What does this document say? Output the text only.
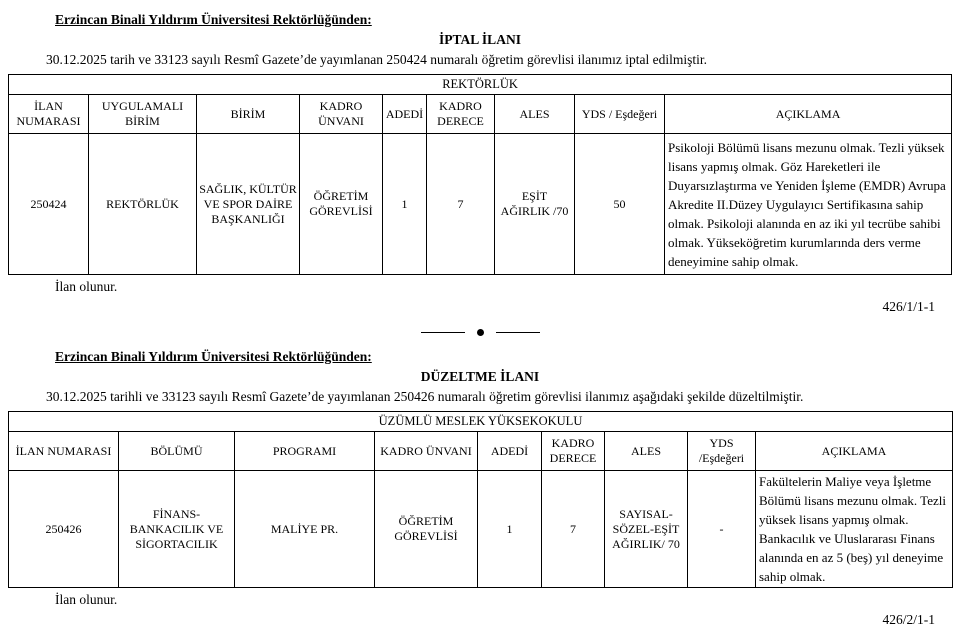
Erzincan Binali Yıldırım Üniversitesi Rektörlüğünden:
İPTAL İLANI
30.12.2025 tarih ve 33123 sayılı Resmî Gazete’de yayımlanan 250424 numaralı öğretim görevlisi ilanımız iptal edilmiştir.
REKTÖRLÜK								
İLAN NUMARASI	UYGULAMALI BİRİM	BİRİM	KADRO ÜNVANI	ADEDİ	KADRO DERECE	ALES	YDS / Eşdeğeri	AÇIKLAMA
250424	REKTÖRLÜK	SAĞLIK, KÜLTÜR VE SPOR DAİRE BAŞKANLIĞI	ÖĞRETİM GÖREVLİSİ	1	7	EŞİT AĞIRLIK /70	50	Psikoloji Bölümü lisans mezunu olmak. Tezli yüksek lisans yapmış olmak. Göz Hareketleri ile Duyarsızlaştırma ve Yeniden İşleme (EMDR) Avrupa Akredite II.Düzey Uygulayıcı Sertifikasına sahip olmak. Psikoloji alanında en az iki yıl tecrübe sahibi olmak. Yükseköğretim kurumlarında ders verme deneyimine sahip olmak.
İlan olunur.
426/1/1-1
Erzincan Binali Yıldırım Üniversitesi Rektörlüğünden:
DÜZELTME İLANI
30.12.2025 tarihli ve 33123 sayılı Resmî Gazete’de yayımlanan 250426 numaralı öğretim görevlisi ilanımız aşağıdaki şekilde düzeltilmiştir.
ÜZÜMLÜ MESLEK YÜKSEKOKULU								
İLAN NUMARASI	BÖLÜMÜ	PROGRAMI	KADRO ÜNVANI	ADEDİ	KADRO DERECE	ALES	YDS /Eşdeğeri	AÇIKLAMA
250426	FİNANS-BANKACILIK VE SİGORTACILIK	MALİYE PR.	ÖĞRETİM GÖREVLİSİ	1	7	SAYISAL-SÖZEL-EŞİT AĞIRLIK/ 70	-	Fakültelerin Maliye veya İşletme Bölümü lisans mezunu olmak. Tezli yüksek lisans yapmış olmak. Bankacılık ve Uluslararası Finans alanında en az 5 (beş) yıl deneyime sahip olmak.
İlan olunur.
426/2/1-1
